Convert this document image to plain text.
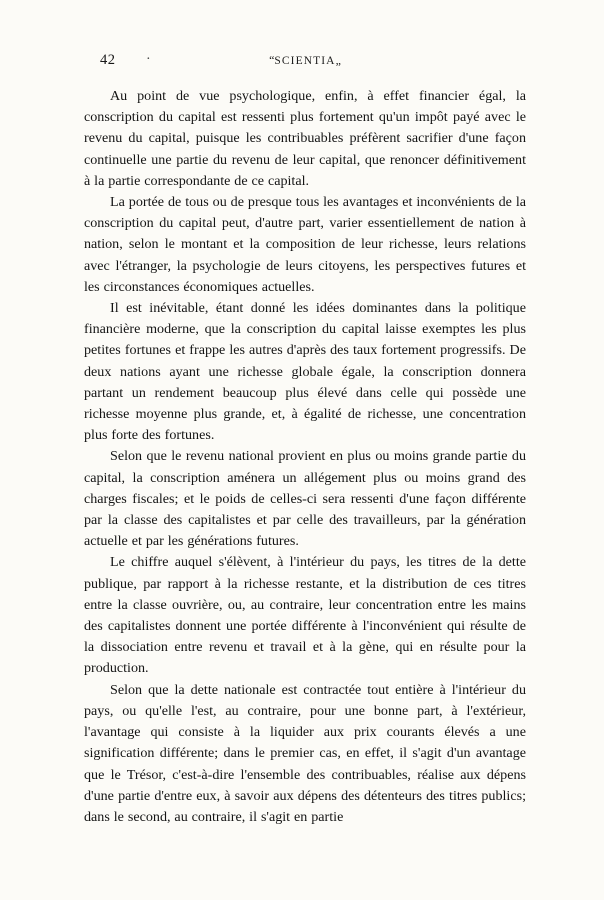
42 ·	“SCIENTIA„

Au point de vue psychologique, enfin, à effet financier égal, la conscription du capital est ressenti plus fortement qu'un impôt payé avec le revenu du capital, puisque les contribuables préfèrent sacrifier d'une façon continuelle une partie du revenu de leur capital, que renoncer définitivement à la partie correspondante de ce capital.

La portée de tous ou de presque tous les avantages et inconvénients de la conscription du capital peut, d'autre part, varier essentiellement de nation à nation, selon le montant et la composition de leur richesse, leurs relations avec l'étranger, la psychologie de leurs citoyens, les perspectives futures et les circonstances économiques actuelles.

Il est inévitable, étant donné les idées dominantes dans la politique financière moderne, que la conscription du capital laisse exemptes les plus petites fortunes et frappe les autres d'après des taux fortement progressifs. De deux nations ayant une richesse globale égale, la conscription donnera partant un rendement beaucoup plus élevé dans celle qui possède une richesse moyenne plus grande, et, à égalité de richesse, une concentration plus forte des fortunes.

Selon que le revenu national provient en plus ou moins grande partie du capital, la conscription aménera un allégement plus ou moins grand des charges fiscales; et le poids de celles-ci sera ressenti d'une façon différente par la classe des capitalistes et par celle des travailleurs, par la génération actuelle et par les générations futures.

Le chiffre auquel s'élèvent, à l'intérieur du pays, les titres de la dette publique, par rapport à la richesse restante, et la distribution de ces titres entre la classe ouvrière, ou, au contraire, leur concentration entre les mains des capitalistes donnent une portée différente à l'inconvénient qui résulte de la dissociation entre revenu et travail et à la gène, qui en résulte pour la production.

Selon que la dette nationale est contractée tout entière à l'intérieur du pays, ou qu'elle l'est, au contraire, pour une bonne part, à l'extérieur, l'avantage qui consiste à la liquider aux prix courants élevés a une signification différente; dans le premier cas, en effet, il s'agit d'un avantage que le Trésor, c'est-à-dire l'ensemble des contribuables, réalise aux dépens d'une partie d'entre eux, à savoir aux dépens des détenteurs des titres publics; dans le second, au contraire, il s'agit en partie
